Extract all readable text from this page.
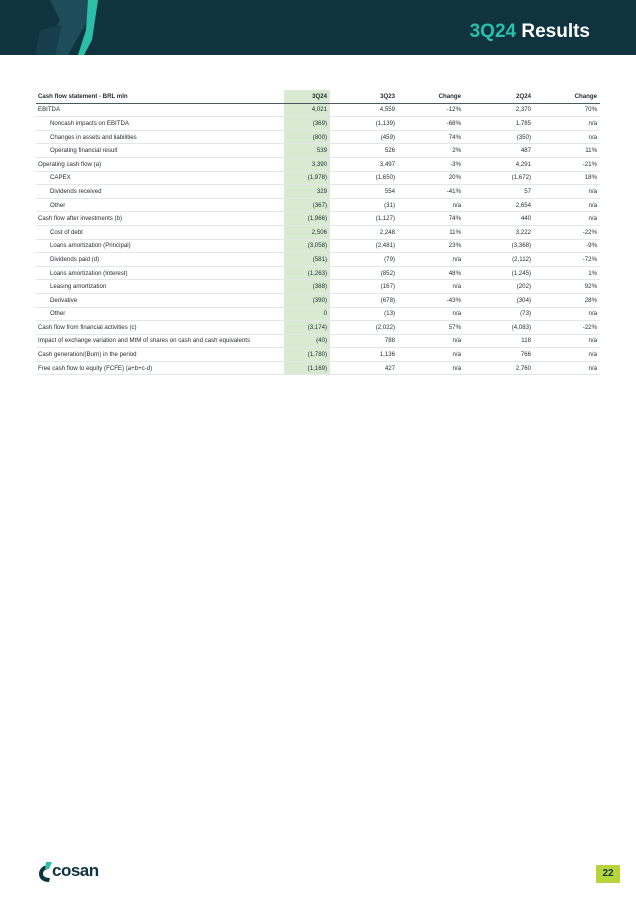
3Q24 Results
Cash flow statement - BRL mln	3Q24	3Q23	Change	2Q24	Change
EBITDA	4,021	4,559	-12%	2,370	70%
Noncash impacts on EBITDA	(369)	(1,139)	-68%	1,785	n/a
Changes in assets and liabilities	(800)	(459)	74%	(350)	n/a
Operating financial result	539	526	2%	487	11%
Operating cash flow (a)	3,390	3,497	-3%	4,291	-21%
CAPEX	(1,978)	(1,650)	20%	(1,672)	18%
Dividends received	329	554	-41%	57	n/a
Other	(367)	(31)	n/a	2,654	n/a
Cash flow after investments (b)	(1,966)	(1,127)	74%	440	n/a
Cost of debt	2,506	2,248	11%	3,222	-22%
Loans amortization (Principal)	(3,058)	(2,481)	23%	(3,368)	-9%
Dividends paid (d)	(581)	(79)	n/a	(2,112)	-72%
Loans amortization (Interest)	(1,263)	(852)	48%	(1,245)	1%
Leasing amortization	(388)	(167)	n/a	(202)	92%
Derivative	(390)	(678)	-43%	(304)	28%
Other	0	(13)	n/a	(73)	n/a
Cash flow from financial activities (c)	(3,174)	(2,022)	57%	(4,083)	-22%
Impact of exchange variation and MtM of shares on cash and cash equivalents	(40)	788	n/a	118	n/a
Cash generation/(Burn) in the period	(1,780)	1,136	n/a	766	n/a
Free cash flow to equity (FCFE) (a+b+c-d)	(1,169)	427	n/a	2,760	n/a
cosan	22
